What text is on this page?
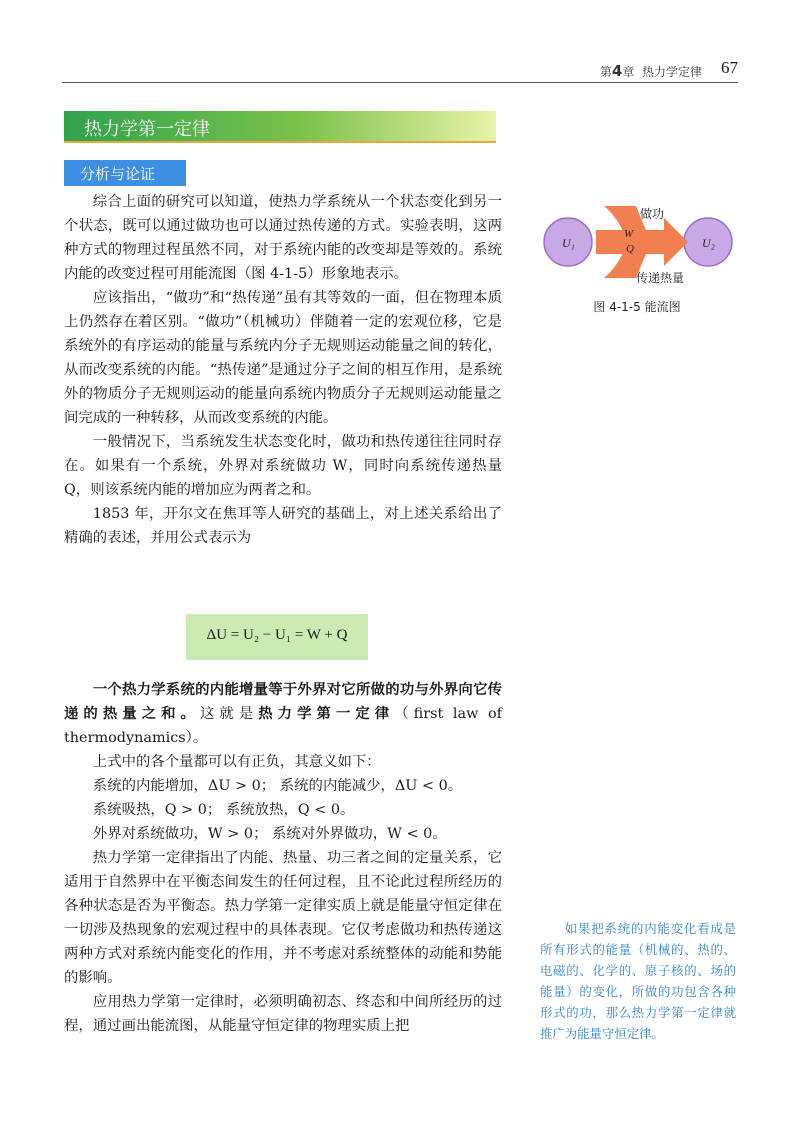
第4章 热力学定律 67
热力学第一定律
分析与论证

综合上面的研究可以知道，使热力学系统从一个状态变化到另一个状态，既可以通过做功也可以通过热传递的方式。实验表明，这两种方式的物理过程虽然不同，对于系统内能的改变却是等效的。系统内能的改变过程可用能流图（图 4-1-5）形象地表示。

应该指出，“做功”和“热传递”虽有其等效的一面，但在物理本质上仍然存在着区别。“做功”（机械功）伴随着一定的宏观位移，它是系统外的有序运动的能量与系统内分子无规则运动能量之间的转化，从而改变系统的内能。“热传递”是通过分子之间的相互作用，是系统外的物质分子无规则运动的能量向系统内物质分子无规则运动能量之间完成的一种转移，从而改变系统的内能。

一般情况下，当系统发生状态变化时，做功和热传递往往同时存在。如果有一个系统，外界对系统做功 W，同时向系统传递热量 Q，则该系统内能的增加应为两者之和。

1853 年，开尔文在焦耳等人研究的基础上，对上述关系给出了精确的表述，并用公式表示为

ΔU = U₂ − U₁ = W + Q

一个热力学系统的内能增量等于外界对它所做的功与外界向它传递的热量之和。这就是热力学第一定律（first law of thermodynamics）。

上式中的各个量都可以有正负，其意义如下：

系统的内能增加，ΔU > 0； 系统的内能减少，ΔU < 0。

系统吸热，Q > 0； 系统放热，Q < 0。

外界对系统做功，W > 0； 系统对外界做功，W < 0。

热力学第一定律指出了内能、热量、功三者之间的定量关系，它适用于自然界中在平衡态间发生的任何过程，且不论此过程所经历的各种状态是否为平衡态。热力学第一定律实质上就是能量守恒定律在一切涉及热现象的宏观过程中的具体表现。它仅考虑做功和热传递这两种方式对系统内能变化的作用，并不考虑对系统整体的动能和势能的影响。

应用热力学第一定律时，必须明确初态、终态和中间所经历的过程，通过画出能流图，从能量守恒定律的物理实质上把

U₁	U₂
W
Q
做功
传递热量
图 4-1-5 能流图

如果把系统的内能变化看成是所有形式的能量（机械的、热的、电磁的、化学的、原子核的、场的能量）的变化，所做的功包含各种形式的功，那么热力学第一定律就推广为能量守恒定律。
